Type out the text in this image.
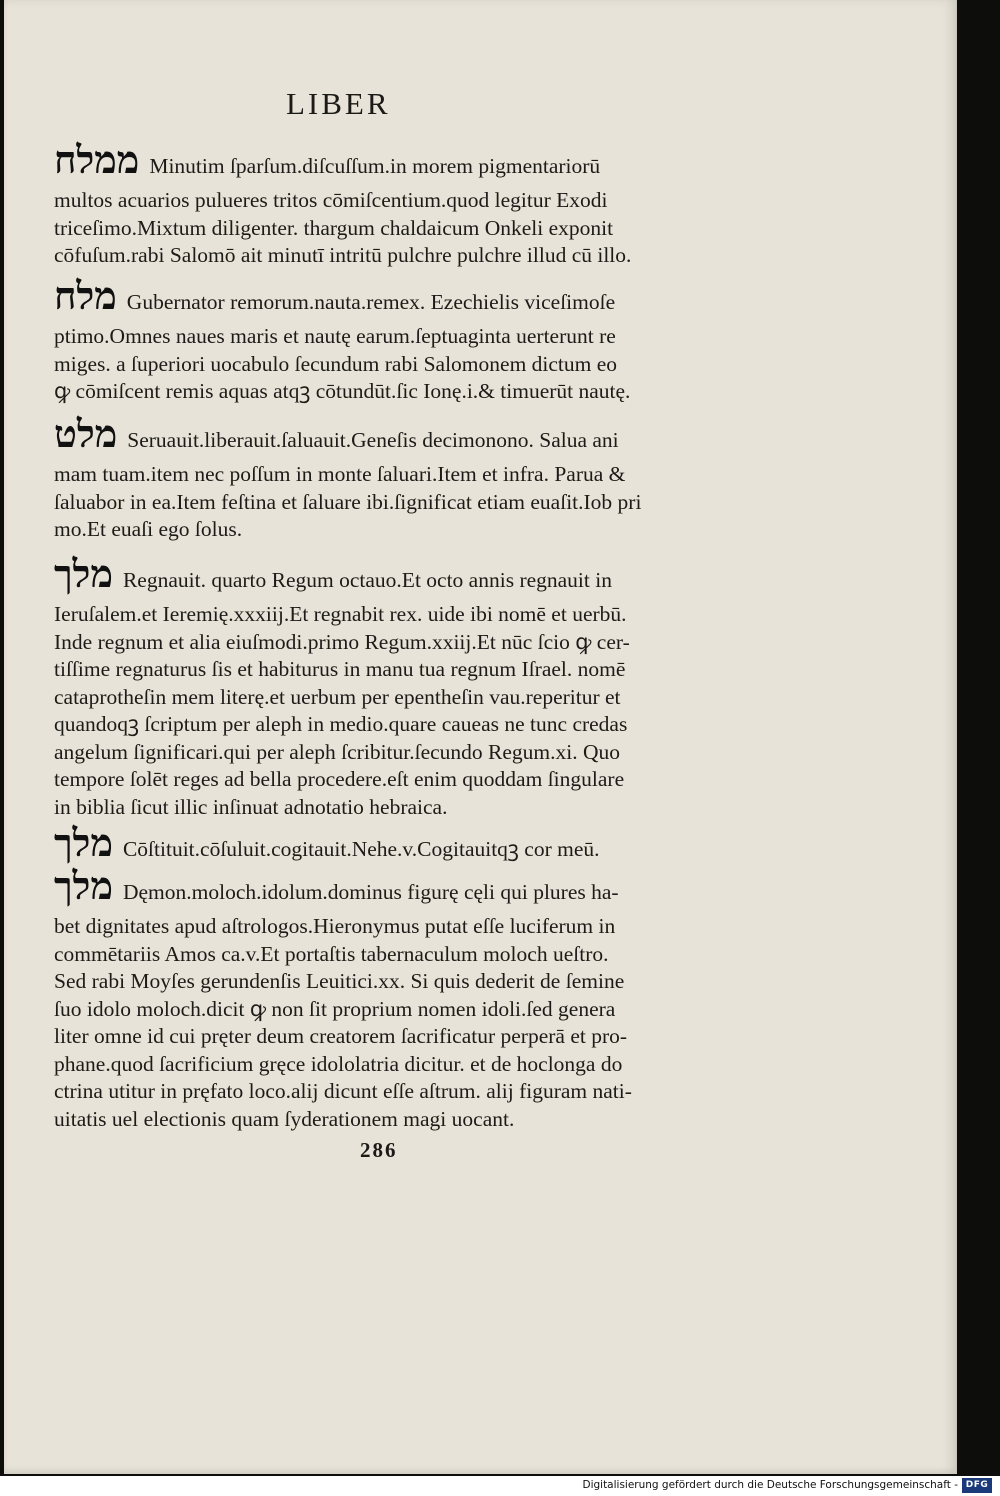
LIBER
ממלח Minutim ſparſum.diſcuſſum.in morem pigmentariorū
multos acuarios pulueres tritos cōmiſcentium.quod legitur Exodi
triceſimo.Mixtum diligenter. thargum chaldaicum Onkeli exponit
cōfuſum.rabi Salomō ait minutī intritū pulchre pulchre illud cū illo.
מלח Gubernator remorum.nauta.remex. Ezechielis viceſimoſe
ptimo.Omnes naues maris et nautę earum.ſeptuaginta uerterunt re
miges. a ſuperiori uocabulo ſecundum rabi Salomonem dictum eo
ꝙ cōmiſcent remis aquas atqꝫ cōtundūt.ſic Ionę.i.& timuerūt nautę.
מלט Seruauit.liberauit.ſaluauit.Geneſis decimonono. Salua ani
mam tuam.item nec poſſum in monte ſaluari.Item et infra. Parua &
ſaluabor in ea.Item feſtina et ſaluare ibi.ſignificat etiam euaſit.Iob pri
mo.Et euaſi ego ſolus.
מלך Regnauit. quarto Regum octauo.Et octo annis regnauit in
Ieruſalem.et Ieremię.xxxiij.Et regnabit rex. uide ibi nomē et uerbū.
Inde regnum et alia eiuſmodi.primo Regum.xxiij.Et nūc ſcio ꝙ cer-
tiſſime regnaturus ſis et habiturus in manu tua regnum Iſrael. nomē
cataprotheſin mem literę.et uerbum per epentheſin vau.reperitur et
quandoqꝫ ſcriptum per aleph in medio.quare caueas ne tunc credas
angelum ſignificari.qui per aleph ſcribitur.ſecundo Regum.xi. Quo
tempore ſolēt reges ad bella procedere.eſt enim quoddam ſingulare
in biblia ſicut illic inſinuat adnotatio hebraica.
מלך Cōſtituit.cōſuluit.cogitauit.Nehe.v.Cogitauitqꝫ cor meū.
מלך Dęmon.moloch.idolum.dominus figurę cęli qui plures ha-
bet dignitates apud aſtrologos.Hieronymus putat eſſe luciferum in
commētariis Amos ca.v.Et portaſtis tabernaculum moloch ueſtro.
Sed rabi Moyſes gerundenſis Leuitici.xx. Si quis dederit de ſemine
ſuo idolo moloch.dicit ꝙ non ſit proprium nomen idoli.ſed genera
liter omne id cui pręter deum creatorem ſacrificatur perperā et pro-
phane.quod ſacrificium gręce idololatria dicitur. et de hoclonga do
ctrina utitur in pręfato loco.alij dicunt eſſe aſtrum. alij figuram nati-
uitatis uel electionis quam ſyderationem magi uocant.
286
Digitalisierung gefördert durch die Deutsche Forschungsgemeinschaft - DFG
